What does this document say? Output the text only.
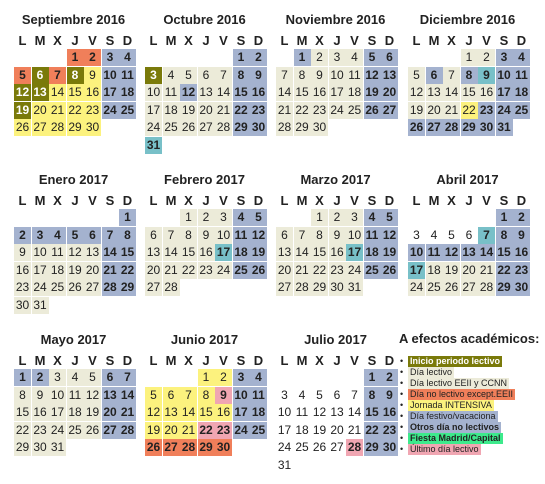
Septiembre 2016
L M X J V S D
1 2 3 4
5 6 7 8 9 10 11
12 13 14 15 16 17 18
19 20 21 22 23 24 25
26 27 28 29 30
Octubre 2016
L M X J V S D
1 2
3 4 5 6 7 8 9
10 11 12 13 14 15 16
17 18 19 20 21 22 23
24 25 26 27 28 29 30
31
Noviembre 2016
L M X J V S D
1 2 3 4 5 6
7 8 9 10 11 12 13
14 15 16 17 18 19 20
21 22 23 24 25 26 27
28 29 30
Diciembre 2016
L M X J V S D
1 2 3 4
5 6 7 8 9 10 11
12 13 14 15 16 17 18
19 20 21 22 23 24 25
26 27 28 29 30 31
Enero 2017
L M X J V S D
1
2 3 4 5 6 7 8
9 10 11 12 13 14 15
16 17 18 19 20 21 22
23 24 25 26 27 28 29
30 31
Febrero 2017
L M X J V S D
1 2 3 4 5
6 7 8 9 10 11 12
13 14 15 16 17 18 19
20 21 22 23 24 25 26
27 28
Marzo 2017
L M X J V S D
1 2 3 4 5
6 7 8 9 10 11 12
13 14 15 16 17 18 19
20 21 22 23 24 25 26
27 28 29 30 31
Abril 2017
L M X J V S D
1 2
3 4 5 6 7 8 9
10 11 12 13 14 15 16
17 18 19 20 21 22 23
24 25 26 27 28 29 30
Mayo 2017
L M X J V S D
1 2 3 4 5 6 7
8 9 10 11 12 13 14
15 16 17 18 19 20 21
22 23 24 25 26 27 28
29 30 31
Junio 2017
L M X J V S D
1 2 3 4
5 6 7 8 9 10 11
12 13 14 15 16 17 18
19 20 21 22 23 24 25
26 27 28 29 30
Julio 2017
L M X J V S D
1 2
3 4 5 6 7 8 9
10 11 12 13 14 15 16
17 18 19 20 21 22 23
24 25 26 27 28 29 30
31
A efectos académicos:
• Inicio periodo lectivo
• Día lectivo
• Día lectivo EEII y CCNN
• Día no lectivo except.EEII
• Jornada INTENSIVA
• Día festivo/vacaciona
• Otros día no lectivos
• Fiesta Madrid/Capital
• Último día lectivo
